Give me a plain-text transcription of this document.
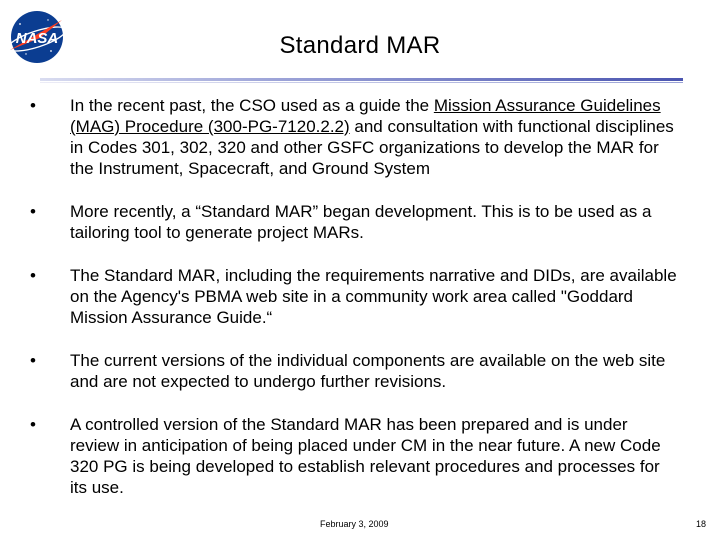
NASA	Standard MAR
•	In the recent past, the CSO used as a guide the Mission Assurance Guidelines (MAG) Procedure (300-PG-7120.2.2) and consultation with functional disciplines in Codes 301, 302, 320 and other GSFC organizations to develop the MAR for the Instrument, Spacecraft, and Ground System
•	More recently, a “Standard MAR” began development. This is to be used as a tailoring tool to generate project MARs.
•	The Standard MAR, including the requirements narrative and DIDs, are available on the Agency's PBMA web site in a community work area called "Goddard Mission Assurance Guide.“
•	The current versions of the individual components are available on the web site and are not expected to undergo further revisions.
•	A controlled version of the Standard MAR has been prepared and is under review in anticipation of being placed under CM in the near future. A new Code 320 PG is being developed to establish relevant procedures and processes for its use.
February 3, 2009	18
